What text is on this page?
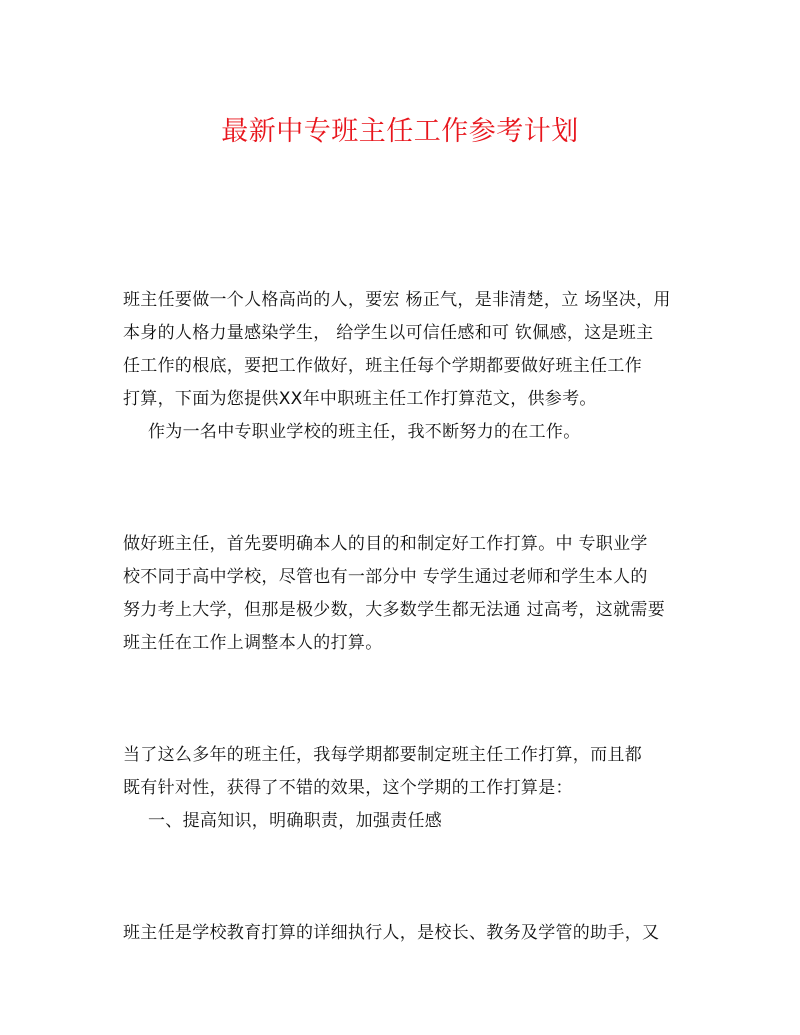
最新中专班主任工作参考计划
班主任要做一个人格高尚的人，要宏 杨正气，是非清楚，立 场坚决，用
本身的人格力量感染学生， 给学生以可信任感和可 钦佩感，这是班主
任工作的根底，要把工作做好，班主任每个学期都要做好班主任工作
打算，下面为您提供XX年中职班主任工作打算范文，供参考。
作为一名中专职业学校的班主任，我不断努力的在工作。
做好班主任，首先要明确本人的目的和制定好工作打算。中 专职业学
校不同于高中学校，尽管也有一部分中 专学生通过老师和学生本人的
努力考上大学，但那是极少数，大多数学生都无法通 过高考，这就需要
班主任在工作上调整本人的打算。
当了这么多年的班主任，我每学期都要制定班主任工作打算，而且都
既有针对性，获得了不错的效果，这个学期的工作打算是：
一、提高知识，明确职责，加强责任感
班主任是学校教育打算的详细执行人，是校长、教务及学管的助手，又
